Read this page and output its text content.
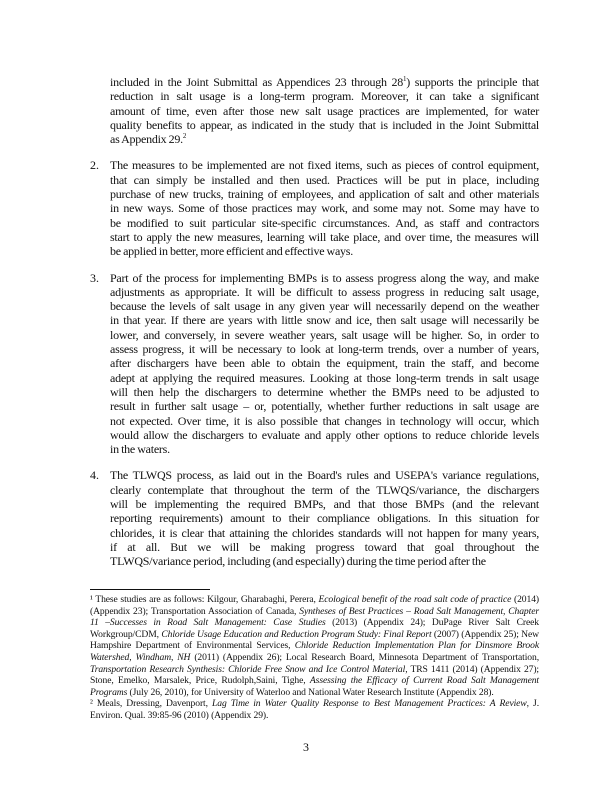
included in the Joint Submittal as Appendices 23 through $28^1$) supports the principle that
reduction in salt usage is a long-term program. Moreover, it can take a significant
amount of time, even after those new salt usage practices are implemented, for water
quality benefits to appear, as indicated in the study that is included in the Joint Submittal
as Appendix 29.$^2$
2. The measures to be implemented are not fixed items, such as pieces of control equipment,
that can simply be installed and then used. Practices will be put in place, including
purchase of new trucks, training of employees, and application of salt and other materials
in new ways. Some of those practices may work, and some may not. Some may have to
be modified to suit particular site-specific circumstances. And, as staff and contractors
start to apply the new measures, learning will take place, and over time, the measures will
be applied in better, more efficient and effective ways.
3. Part of the process for implementing BMPs is to assess progress along the way, and make
adjustments as appropriate. It will be difficult to assess progress in reducing salt usage,
because the levels of salt usage in any given year will necessarily depend on the weather
in that year. If there are years with little snow and ice, then salt usage will necessarily be
lower, and conversely, in severe weather years, salt usage will be higher. So, in order to
assess progress, it will be necessary to look at long-term trends, over a number of years,
after dischargers have been able to obtain the equipment, train the staff, and become
adept at applying the required measures. Looking at those long-term trends in salt usage
will then help the dischargers to determine whether the BMPs need to be adjusted to
result in further salt usage – or, potentially, whether further reductions in salt usage are
not expected. Over time, it is also possible that changes in technology will occur, which
would allow the dischargers to evaluate and apply other options to reduce chloride levels
in the waters.
4. The TLWQS process, as laid out in the Board's rules and USEPA's variance regulations,
clearly contemplate that throughout the term of the TLWQS/variance, the dischargers
will be implementing the required BMPs, and that those BMPs (and the relevant
reporting requirements) amount to their compliance obligations. In this situation for
chlorides, it is clear that attaining the chlorides standards will not happen for many years,
if at all. But we will be making progress toward that goal throughout the
TLWQS/variance period, including (and especially) during the time period after the
¹ These studies are as follows: Kilgour, Gharabaghi, Perera, Ecological benefit of the road salt code of practice (2014) (Appendix 23); Transportation Association of Canada, Syntheses of Best Practices – Road Salt Management, Chapter 11 –Successes in Road Salt Management: Case Studies (2013) (Appendix 24); DuPage River Salt Creek Workgroup/CDM, Chloride Usage Education and Reduction Program Study: Final Report (2007) (Appendix 25); New Hampshire Department of Environmental Services, Chloride Reduction Implementation Plan for Dinsmore Brook Watershed, Windham, NH (2011) (Appendix 26); Local Research Board, Minnesota Department of Transportation, Transportation Research Synthesis: Chloride Free Snow and Ice Control Material, TRS 1411 (2014) (Appendix 27); Stone, Emelko, Marsalek, Price, Rudolph,Saini, Tighe, Assessing the Efficacy of Current Road Salt Management Programs (July 26, 2010), for University of Waterloo and National Water Research Institute (Appendix 28).
² Meals, Dressing, Davenport, Lag Time in Water Quality Response to Best Management Practices: A Review, J. Environ. Qual. 39:85-96 (2010) (Appendix 29).
3
